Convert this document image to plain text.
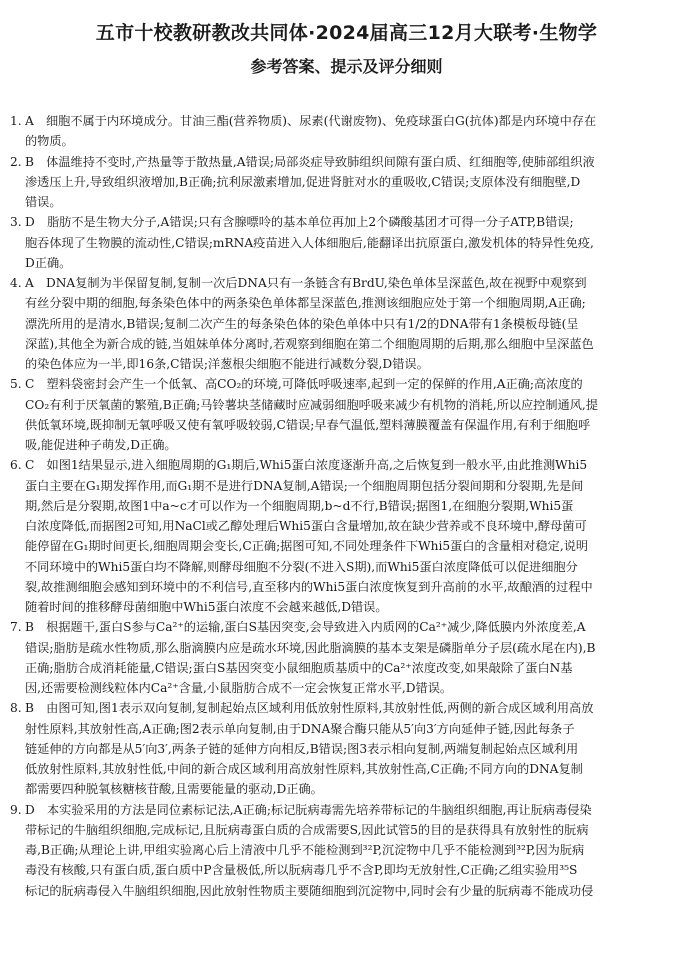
五市十校教研教改共同体·2024届高三12月大联考·生物学
参考答案、提示及评分细则
1. A　细胞不属于内环境成分。甘油三酯(营养物质)、尿素(代谢废物)、免疫球蛋白G(抗体)都是内环境中存在
的物质。
2. B　体温维持不变时,产热量等于散热量,A错误;局部炎症导致肺组织间隙有蛋白质、红细胞等,使肺部组织液
渗透压上升,导致组织液增加,B正确;抗利尿激素增加,促进肾脏对水的重吸收,C错误;支原体没有细胞壁,D
错误。
3. D　脂肪不是生物大分子,A错误;只有含腺嘌呤的基本单位再加上2个磷酸基团才可得一分子ATP,B错误;
胞吞体现了生物膜的流动性,C错误;mRNA疫苗进入人体细胞后,能翻译出抗原蛋白,激发机体的特异性免疫,
D正确。
4. A　DNA复制为半保留复制,复制一次后DNA只有一条链含有BrdU,染色单体呈深蓝色,故在视野中观察到
有丝分裂中期的细胞,每条染色体中的两条染色单体都呈深蓝色,推测该细胞应处于第一个细胞周期,A正确;
漂洗所用的是清水,B错误;复制二次产生的每条染色体的染色单体中只有1/2的DNA带有1条模板母链(呈
深蓝),其他全为新合成的链,当姐妹单体分离时,若观察到细胞在第二个细胞周期的后期,那么细胞中呈深蓝色
的染色体应为一半,即16条,C错误;洋葱根尖细胞不能进行减数分裂,D错误。
5. C　塑料袋密封会产生一个低氧、高CO₂的环境,可降低呼吸速率,起到一定的保鲜的作用,A正确;高浓度的
CO₂有利于厌氧菌的繁殖,B正确;马铃薯块茎储藏时应减弱细胞呼吸来减少有机物的消耗,所以应控制通风,提
供低氧环境,既抑制无氧呼吸又使有氧呼吸较弱,C错误;早春气温低,塑料薄膜覆盖有保温作用,有利于细胞呼
吸,能促进种子萌发,D正确。
6. C　如图1结果显示,进入细胞周期的G₁期后,Whi5蛋白浓度逐渐升高,之后恢复到一般水平,由此推测Whi5
蛋白主要在G₁期发挥作用,而G₁期不是进行DNA复制,A错误;一个细胞周期包括分裂间期和分裂期,先是间
期,然后是分裂期,故图1中a~c才可以作为一个细胞周期,b~d不行,B错误;据图1,在细胞分裂期,Whi5蛋
白浓度降低,而据图2可知,用NaCl或乙醇处理后Whi5蛋白含量增加,故在缺少营养或不良环境中,酵母菌可
能停留在G₁期时间更长,细胞周期会变长,C正确;据图可知,不同处理条件下Whi5蛋白的含量相对稳定,说明
不同环境中的Whi5蛋白均不降解,则酵母细胞不分裂(不进入S期),而Whi5蛋白浓度降低可以促进细胞分
裂,故推测细胞会感知到环境中的不利信号,直至移内的Whi5蛋白浓度恢复到升高前的水平,故酿酒的过程中
随着时间的推移酵母菌细胞中Whi5蛋白浓度不会越来越低,D错误。
7. B　根据题干,蛋白S参与Ca²⁺的运输,蛋白S基因突变,会导致进入内质网的Ca²⁺减少,降低膜内外浓度差,A
错误;脂肪是疏水性物质,那么脂滴膜内应是疏水环境,因此脂滴膜的基本支架是磷脂单分子层(疏水尾在内),B
正确;脂肪合成消耗能量,C错误;蛋白S基因突变小鼠细胞质基质中的Ca²⁺浓度改变,如果敲除了蛋白N基
因,还需要检测线粒体内Ca²⁺含量,小鼠脂肪合成不一定会恢复正常水平,D错误。
8. B　由图可知,图1表示双向复制,复制起始点区域利用低放射性原料,其放射性低,两侧的新合成区域利用高放
射性原料,其放射性高,A正确;图2表示单向复制,由于DNA聚合酶只能从5′向3′方向延伸子链,因此每条子
链延伸的方向都是从5′向3′,两条子链的延伸方向相反,B错误;图3表示相向复制,两端复制起始点区域利用
低放射性原料,其放射性低,中间的新合成区域利用高放射性原料,其放射性高,C正确;不同方向的DNA复制
都需要四种脱氧核糖核苷酸,且需要能量的驱动,D正确。
9. D　本实验采用的方法是同位素标记法,A正确;标记朊病毒需先培养带标记的牛脑组织细胞,再让朊病毒侵染
带标记的牛脑组织细胞,完成标记,且朊病毒蛋白质的合成需要S,因此试管5的目的是获得具有放射性的朊病
毒,B正确;从理论上讲,甲组实验离心后上清液中几乎不能检测到³²P,沉淀物中几乎不能检测到³²P,因为朊病
毒没有核酸,只有蛋白质,蛋白质中P含量极低,所以朊病毒几乎不含P,即均无放射性,C正确;乙组实验用³⁵S
标记的朊病毒侵入牛脑组织细胞,因此放射性物质主要随细胞到沉淀物中,同时会有少量的朊病毒不能成功侵
